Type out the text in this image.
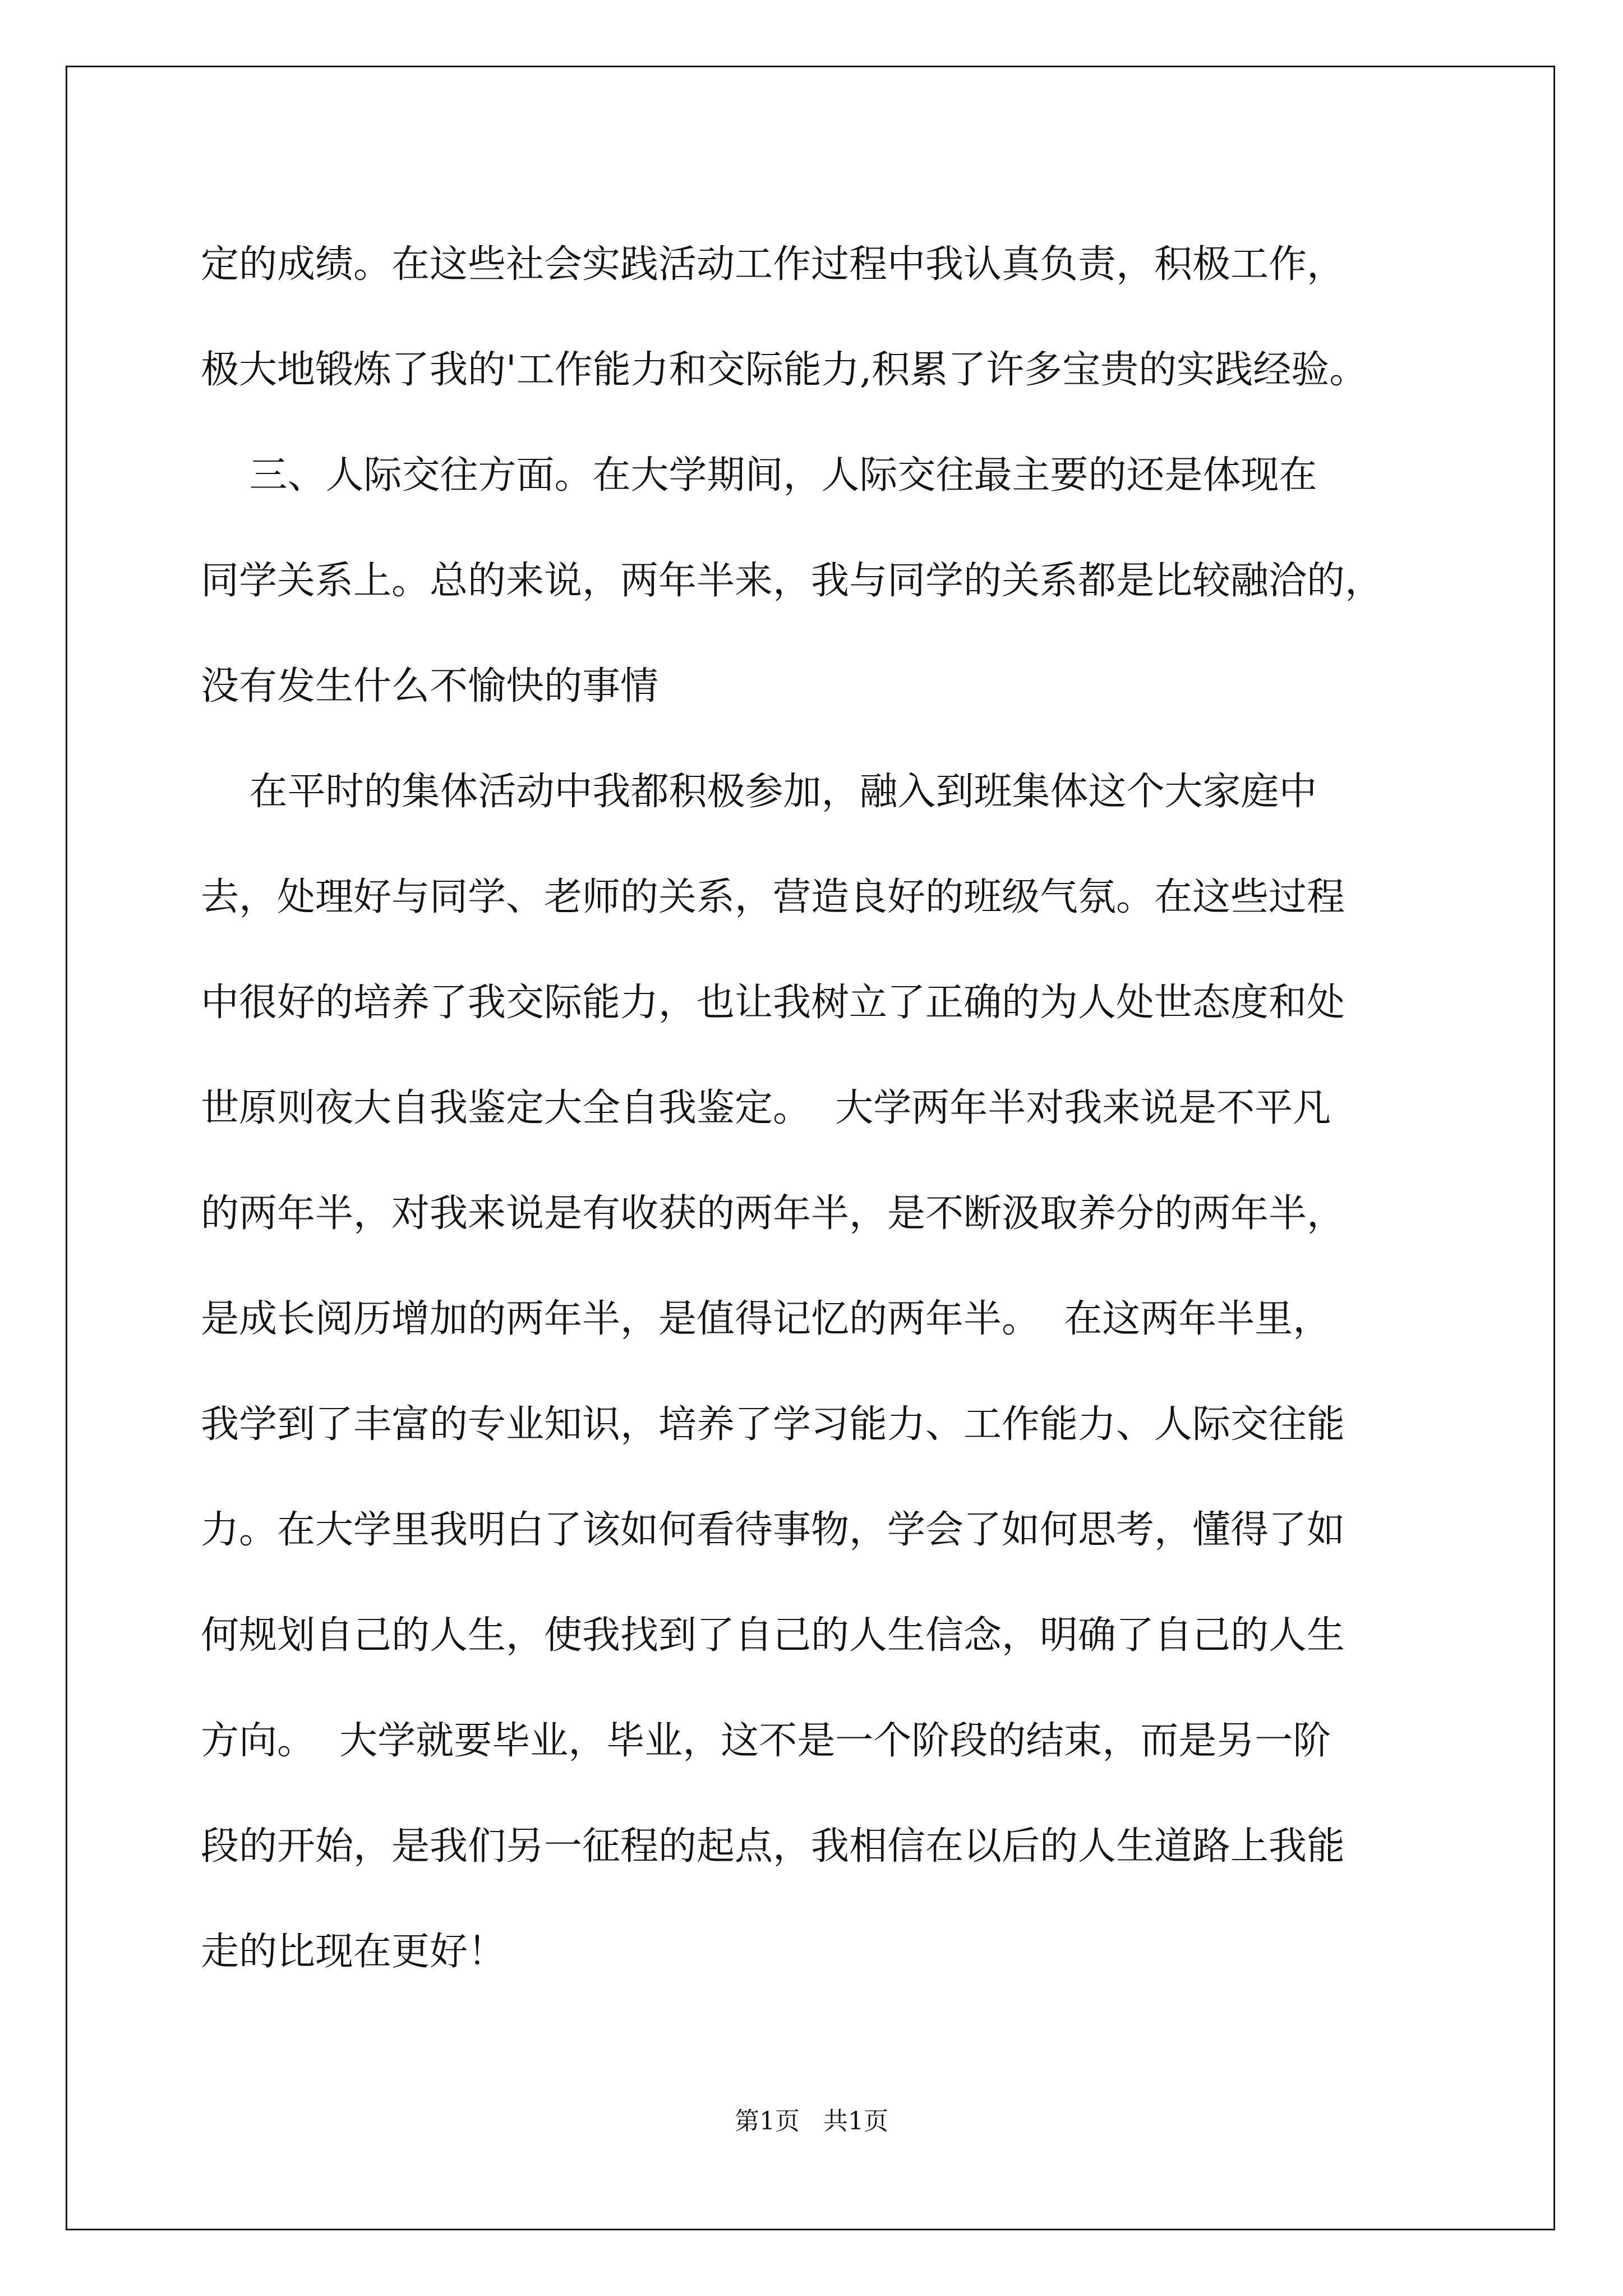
定的成绩。在这些社会实践活动工作过程中我认真负责，积极工作，
极大地锻炼了我的'工作能力和交际能力,积累了许多宝贵的实践经验。
三、人际交往方面。在大学期间，人际交往最主要的还是体现在
同学关系上。总的来说，两年半来，我与同学的关系都是比较融洽的，
没有发生什么不愉快的事情
在平时的集体活动中我都积极参加，融入到班集体这个大家庭中
去，处理好与同学、老师的关系，营造良好的班级气氛。在这些过程
中很好的培养了我交际能力，也让我树立了正确的为人处世态度和处
世原则夜大自我鉴定大全自我鉴定。  大学两年半对我来说是不平凡
的两年半，对我来说是有收获的两年半，是不断汲取养分的两年半，
是成长阅历增加的两年半，是值得记忆的两年半。  在这两年半里，
我学到了丰富的专业知识，培养了学习能力、工作能力、人际交往能
力。在大学里我明白了该如何看待事物，学会了如何思考，懂得了如
何规划自己的人生，使我找到了自己的人生信念，明确了自己的人生
方向。  大学就要毕业，毕业，这不是一个阶段的结束，而是另一阶
段的开始，是我们另一征程的起点，我相信在以后的人生道路上我能
走的比现在更好！
第1页   共1页
